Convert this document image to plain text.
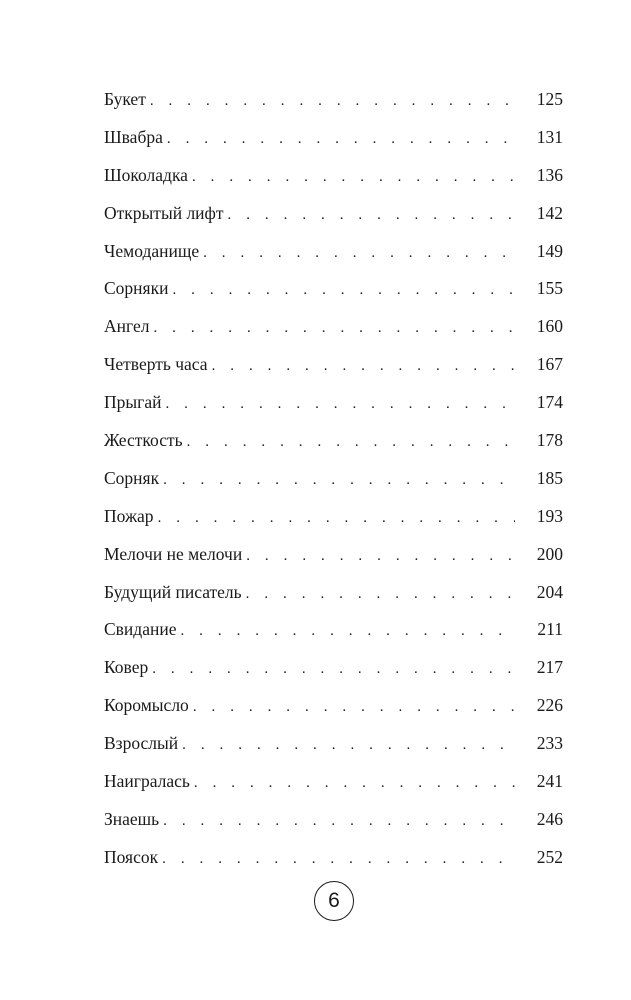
Букет . . .	125
Швабра . . .	131
Шоколадка . . .	136
Открытый лифт . . .	142
Чемоданище . . .	149
Сорняки . . .	155
Ангел . . .	160
Четверть часа . . .	167
Прыгай . . .	174
Жесткость . . .	178
Сорняк . . .	185
Пожар . . .	193
Мелочи не мелочи . . .	200
Будущий писатель . . .	204
Свидание . . .	211
Ковер . . .	217
Коромысло . . .	226
Взрослый . . .	233
Наигралась . . .	241
Знаешь . . .	246
Поясок . . .	252
6
